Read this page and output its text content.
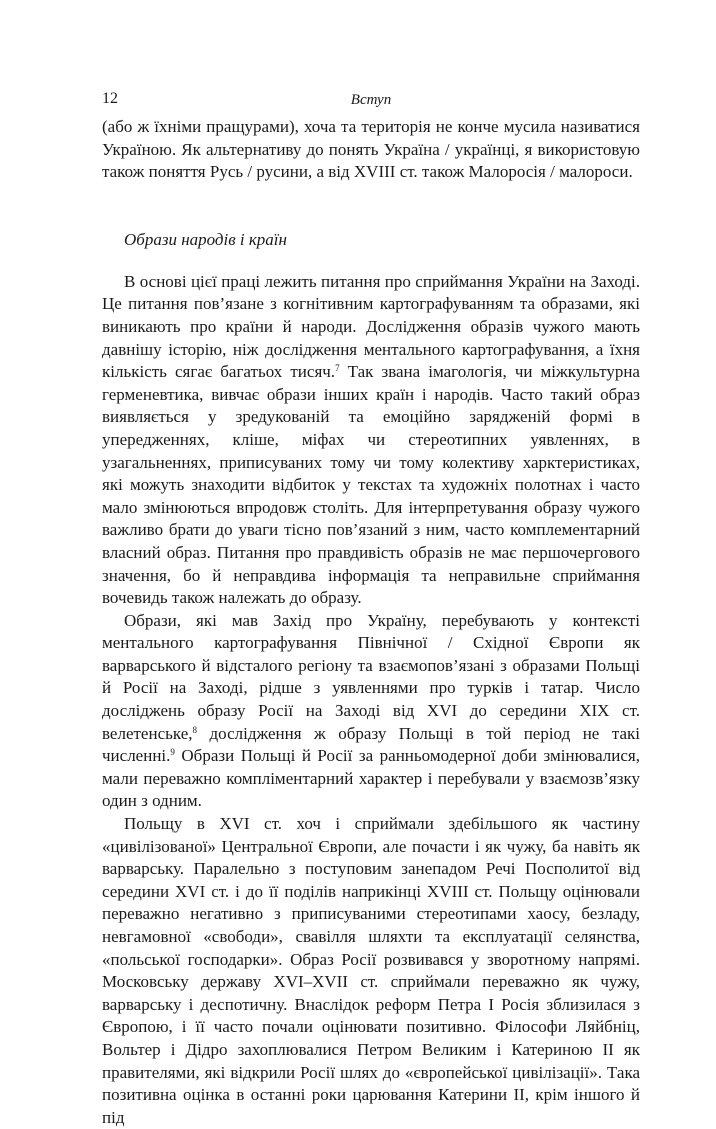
12	Вступ

(або ж їхніми пращурами), хоча та територія не конче мусила називатися Україною. Як альтернативу до понять Україна / українці, я використовую також поняття Русь / русини, а від XVIII ст. також Малоросія / малороси.

Образи народів і країн

В основі цієї праці лежить питання про сприймання України на Заході. Це питання пов’язане з когнітивним картографуванням та образами, які виникають про країни й народи. Дослідження образів чужого мають давнішу історію, ніж дослідження ментального картографування, а їхня кількість сягає багатьох тисяч.$^7$ Так звана імагологія, чи міжкультурна герменевтика, вивчає образи інших країн і народів. Часто такий образ виявляється у зредукованій та емоційно зарядженій формі в упередженнях, кліше, міфах чи стереотипних уявленнях, в узагальненнях, приписуваних тому чи тому колективу харктеристиках, які можуть знаходити відбиток у текстах та художніх полотнах і часто мало змінюються впродовж століть. Для інтерпретування образу чужого важливо брати до уваги тісно пов’язаний з ним, часто комплементарний власний образ. Питання про правдивість образів не має першочергового значення, бо й неправдива інформація та неправильне сприймання вочевидь також належать до образу.

Образи, які мав Захід про Україну, перебувають у контексті ментального картографування Північної / Східної Європи як варварського й відсталого регіону та взаємопов’язані з образами Польщі й Росії на Заході, рідше з уявленнями про турків і татар. Число досліджень образу Росії на Заході від XVI до середини XIX ст. велетенське,$^8$ дослідження ж образу Польщі в той період не такі численні.$^9$ Образи Польщі й Росії за ранньомодерної доби змінювалися, мали переважно компліментарний характер і перебували у взаємозв’язку один з одним.

Польщу в XVI ст. хоч і сприймали здебільшого як частину «цивілізованої» Центральної Європи, але почасти і як чужу, ба навіть як варварську. Паралельно з поступовим занепадом Речі Посполитої від середини XVI ст. і до її поділів наприкінці XVIII ст. Польщу оцінювали переважно негативно з приписуваними стереотипами хаосу, безладу, невгамовної «свободи», свавілля шляхти та експлуатації селянства, «польської господарки». Образ Росії розвивався у зворотному напрямі. Московську державу XVI–XVII ст. сприймали переважно як чужу, варварську і деспотичну. Внаслідок реформ Петра I Росія зблизилася з Європою, і її часто почали оцінювати позитивно. Філософи Ляйбніц, Вольтер і Дідро захоплювалися Петром Великим і Катериною II як правителями, які відкрили Росії шлях до «європейської цивілізації». Така позитивна оцінка в останні роки царювання Катерини II, крім іншого й під
